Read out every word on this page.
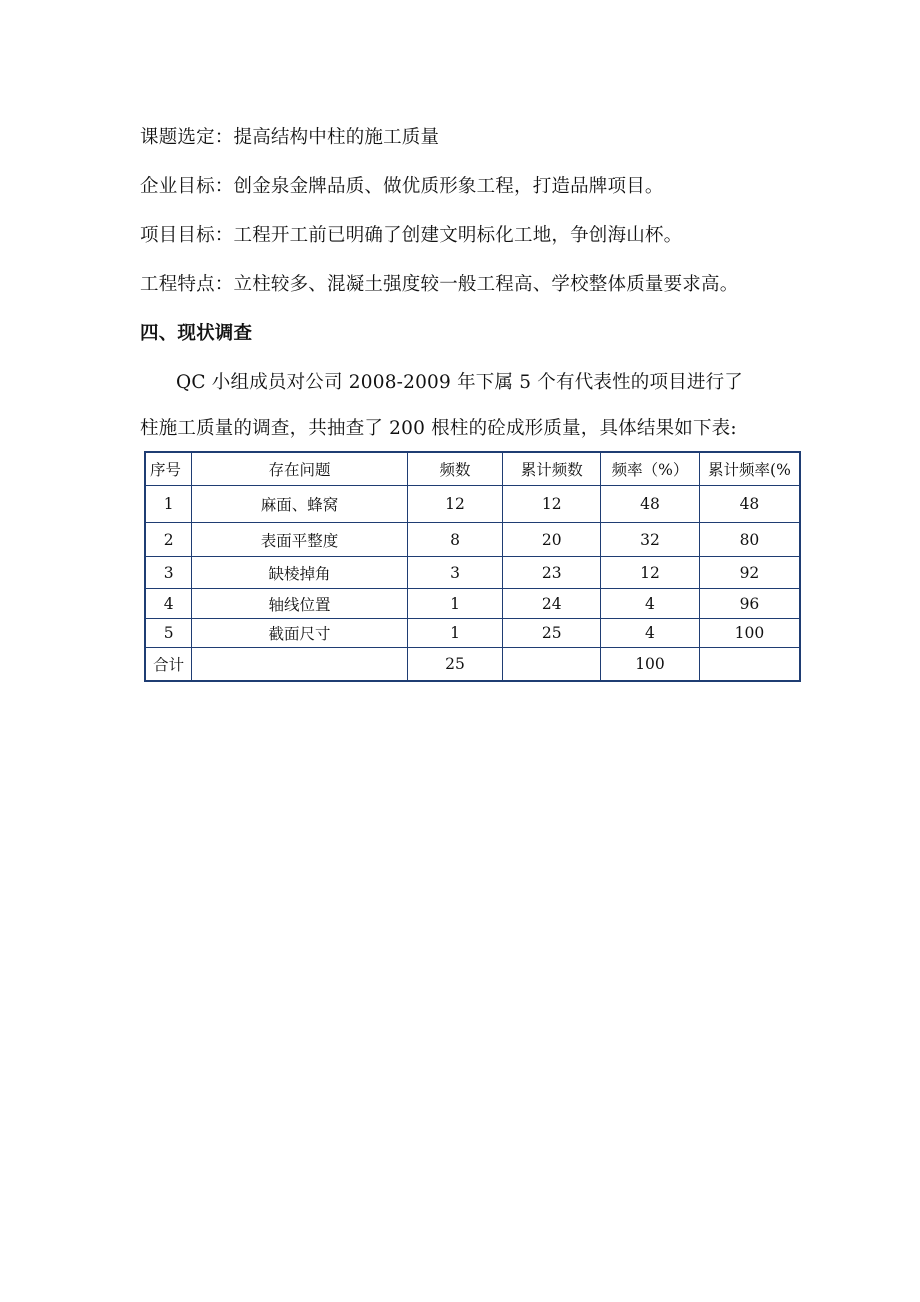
课题选定：提高结构中柱的施工质量
企业目标：创金泉金牌品质、做优质形象工程，打造品牌项目。
项目目标：工程开工前已明确了创建文明标化工地，争创海山杯。
工程特点：立柱较多、混凝土强度较一般工程高、学校整体质量要求高。
四、现状调查
QC 小组成员对公司 2008-2009 年下属 5 个有代表性的项目进行了
柱施工质量的调查，共抽查了 200 根柱的砼成形质量，具体结果如下表:
序号	存在问题	频数	累计频数	频率（%）	累计频率(%
1	麻面、蜂窝	12	12	48	48
2	表面平整度	8	20	32	80
3	缺棱掉角	3	23	12	92
4	轴线位置	1	24	4	96
5	截面尺寸	1	25	4	100
合计		25		100	
